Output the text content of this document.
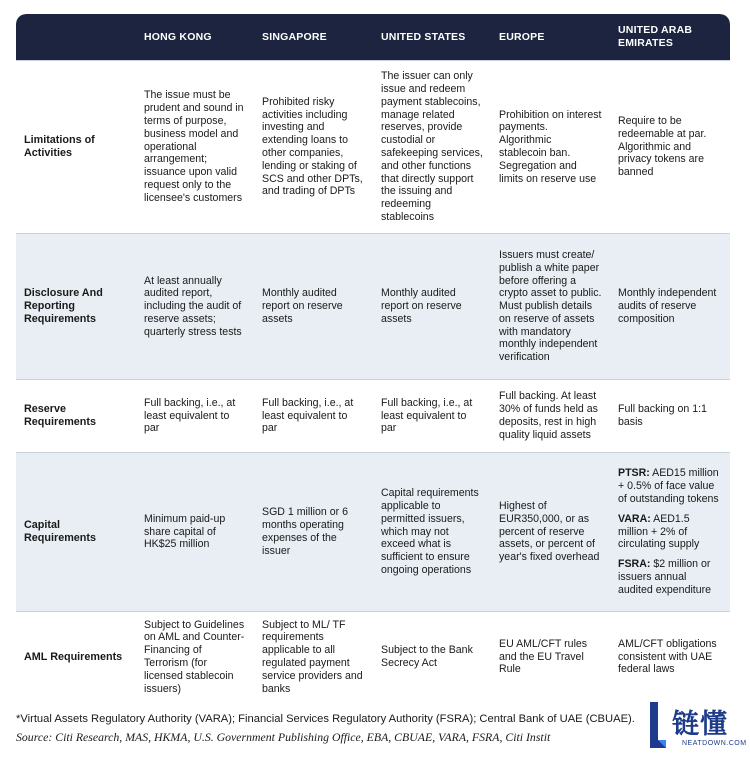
	HONG KONG	SINGAPORE	UNITED STATES	EUROPE	UNITED ARAB EMIRATES
Limitations of Activities	The issue must be prudent and sound in terms of purpose, business model and operational arrangement; issuance upon valid request only to the licensee's customers	Prohibited risky activities including investing and extending loans to other companies, lending or staking of SCS and other DPTs, and trading of DPTs	The issuer can only issue and redeem payment stablecoins, manage related reserves, provide custodial or safekeeping services, and other functions that directly support the issuing and redeeming stablecoins	Prohibition on interest payments. Algorithmic stablecoin ban. Segregation and limits on reserve use	Require to be redeemable at par. Algorithmic and privacy tokens are banned
Disclosure And Reporting Requirements	At least annually audited report, including the audit of reserve assets; quarterly stress tests	Monthly audited report on reserve assets	Monthly audited report on reserve assets	Issuers must create/ publish a white paper before offering a crypto asset to public. Must publish details on reserve of assets with mandatory monthly independent verification	Monthly independent audits of reserve composition
Reserve Requirements	Full backing, i.e., at least equivalent to par	Full backing, i.e., at least equivalent to par	Full backing, i.e., at least equivalent to par	Full backing. At least 30% of funds held as deposits, rest in high quality liquid assets	Full backing on 1:1 basis
Capital Requirements	Minimum paid-up share capital of HK$25 million	SGD 1 million or 6 months operating expenses of the issuer	Capital requirements applicable to permitted issuers, which may not exceed what is sufficient to ensure ongoing operations	Highest of EUR350,000, or as percent of reserve assets, or percent of year's fixed overhead	PTSR: AED15 million + 0.5% of face value of outstanding tokens
VARA: AED1.5 million + 2% of circulating supply
FSRA: $2 million or issuers annual audited expenditure

AML Requirements	Subject to Guidelines on AML and Counter-Financing of Terrorism (for licensed stablecoin issuers)	Subject to ML/ TF requirements applicable to all regulated payment service providers and banks	Subject to the Bank Secrecy Act	EU AML/CFT rules and the EU Travel Rule	AML/CFT obligations consistent with UAE federal laws
*Virtual Assets Regulatory Authority (VARA); Financial Services Regulatory Authority (FSRA); Central Bank of UAE (CBUAE).
Source: Citi Research, MAS, HKMA, U.S. Government Publishing Office, EBA, CBUAE, VARA, FSRA, Citi Instit	链懂
NEATDOWN.COM
